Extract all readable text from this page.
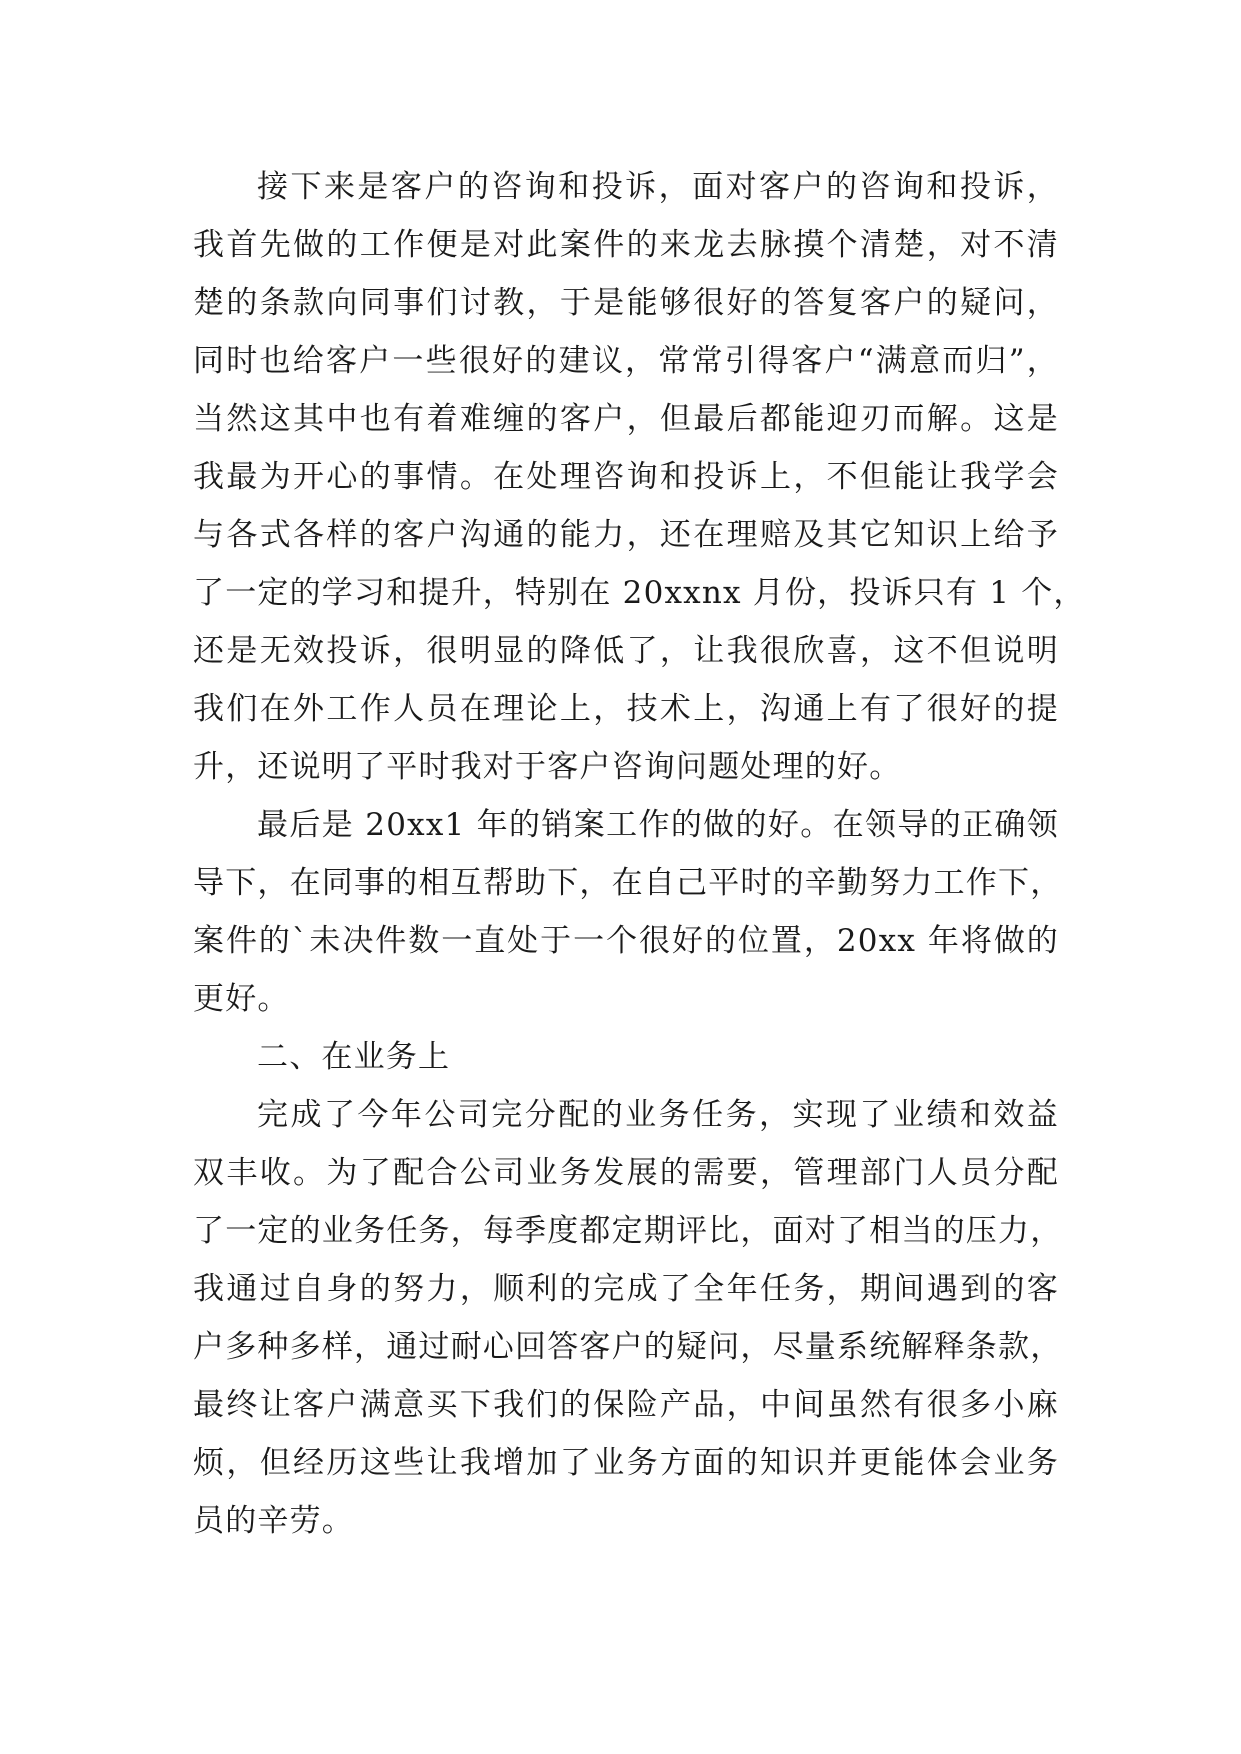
接下来是客户的咨询和投诉，面对客户的咨询和投诉，
我首先做的工作便是对此案件的来龙去脉摸个清楚，对不清
楚的条款向同事们讨教，于是能够很好的答复客户的疑问，
同时也给客户一些很好的建议，常常引得客户“满意而归”，
当然这其中也有着难缠的客户，但最后都能迎刃而解。这是
我最为开心的事情。在处理咨询和投诉上，不但能让我学会
与各式各样的客户沟通的能力，还在理赔及其它知识上给予
了一定的学习和提升，特别在 20xxnx 月份，投诉只有 1 个，
还是无效投诉，很明显的降低了，让我很欣喜，这不但说明
我们在外工作人员在理论上，技术上，沟通上有了很好的提
升，还说明了平时我对于客户咨询问题处理的好。
最后是 20xx1 年的销案工作的做的好。在领导的正确领
导下，在同事的相互帮助下，在自己平时的辛勤努力工作下，
案件的`未决件数一直处于一个很好的位置，20xx 年将做的
更好。
二、在业务上
完成了今年公司完分配的业务任务，实现了业绩和效益
双丰收。为了配合公司业务发展的需要，管理部门人员分配
了一定的业务任务，每季度都定期评比，面对了相当的压力，
我通过自身的努力，顺利的完成了全年任务，期间遇到的客
户多种多样，通过耐心回答客户的疑问，尽量系统解释条款，
最终让客户满意买下我们的保险产品，中间虽然有很多小麻
烦，但经历这些让我增加了业务方面的知识并更能体会业务
员的辛劳。
